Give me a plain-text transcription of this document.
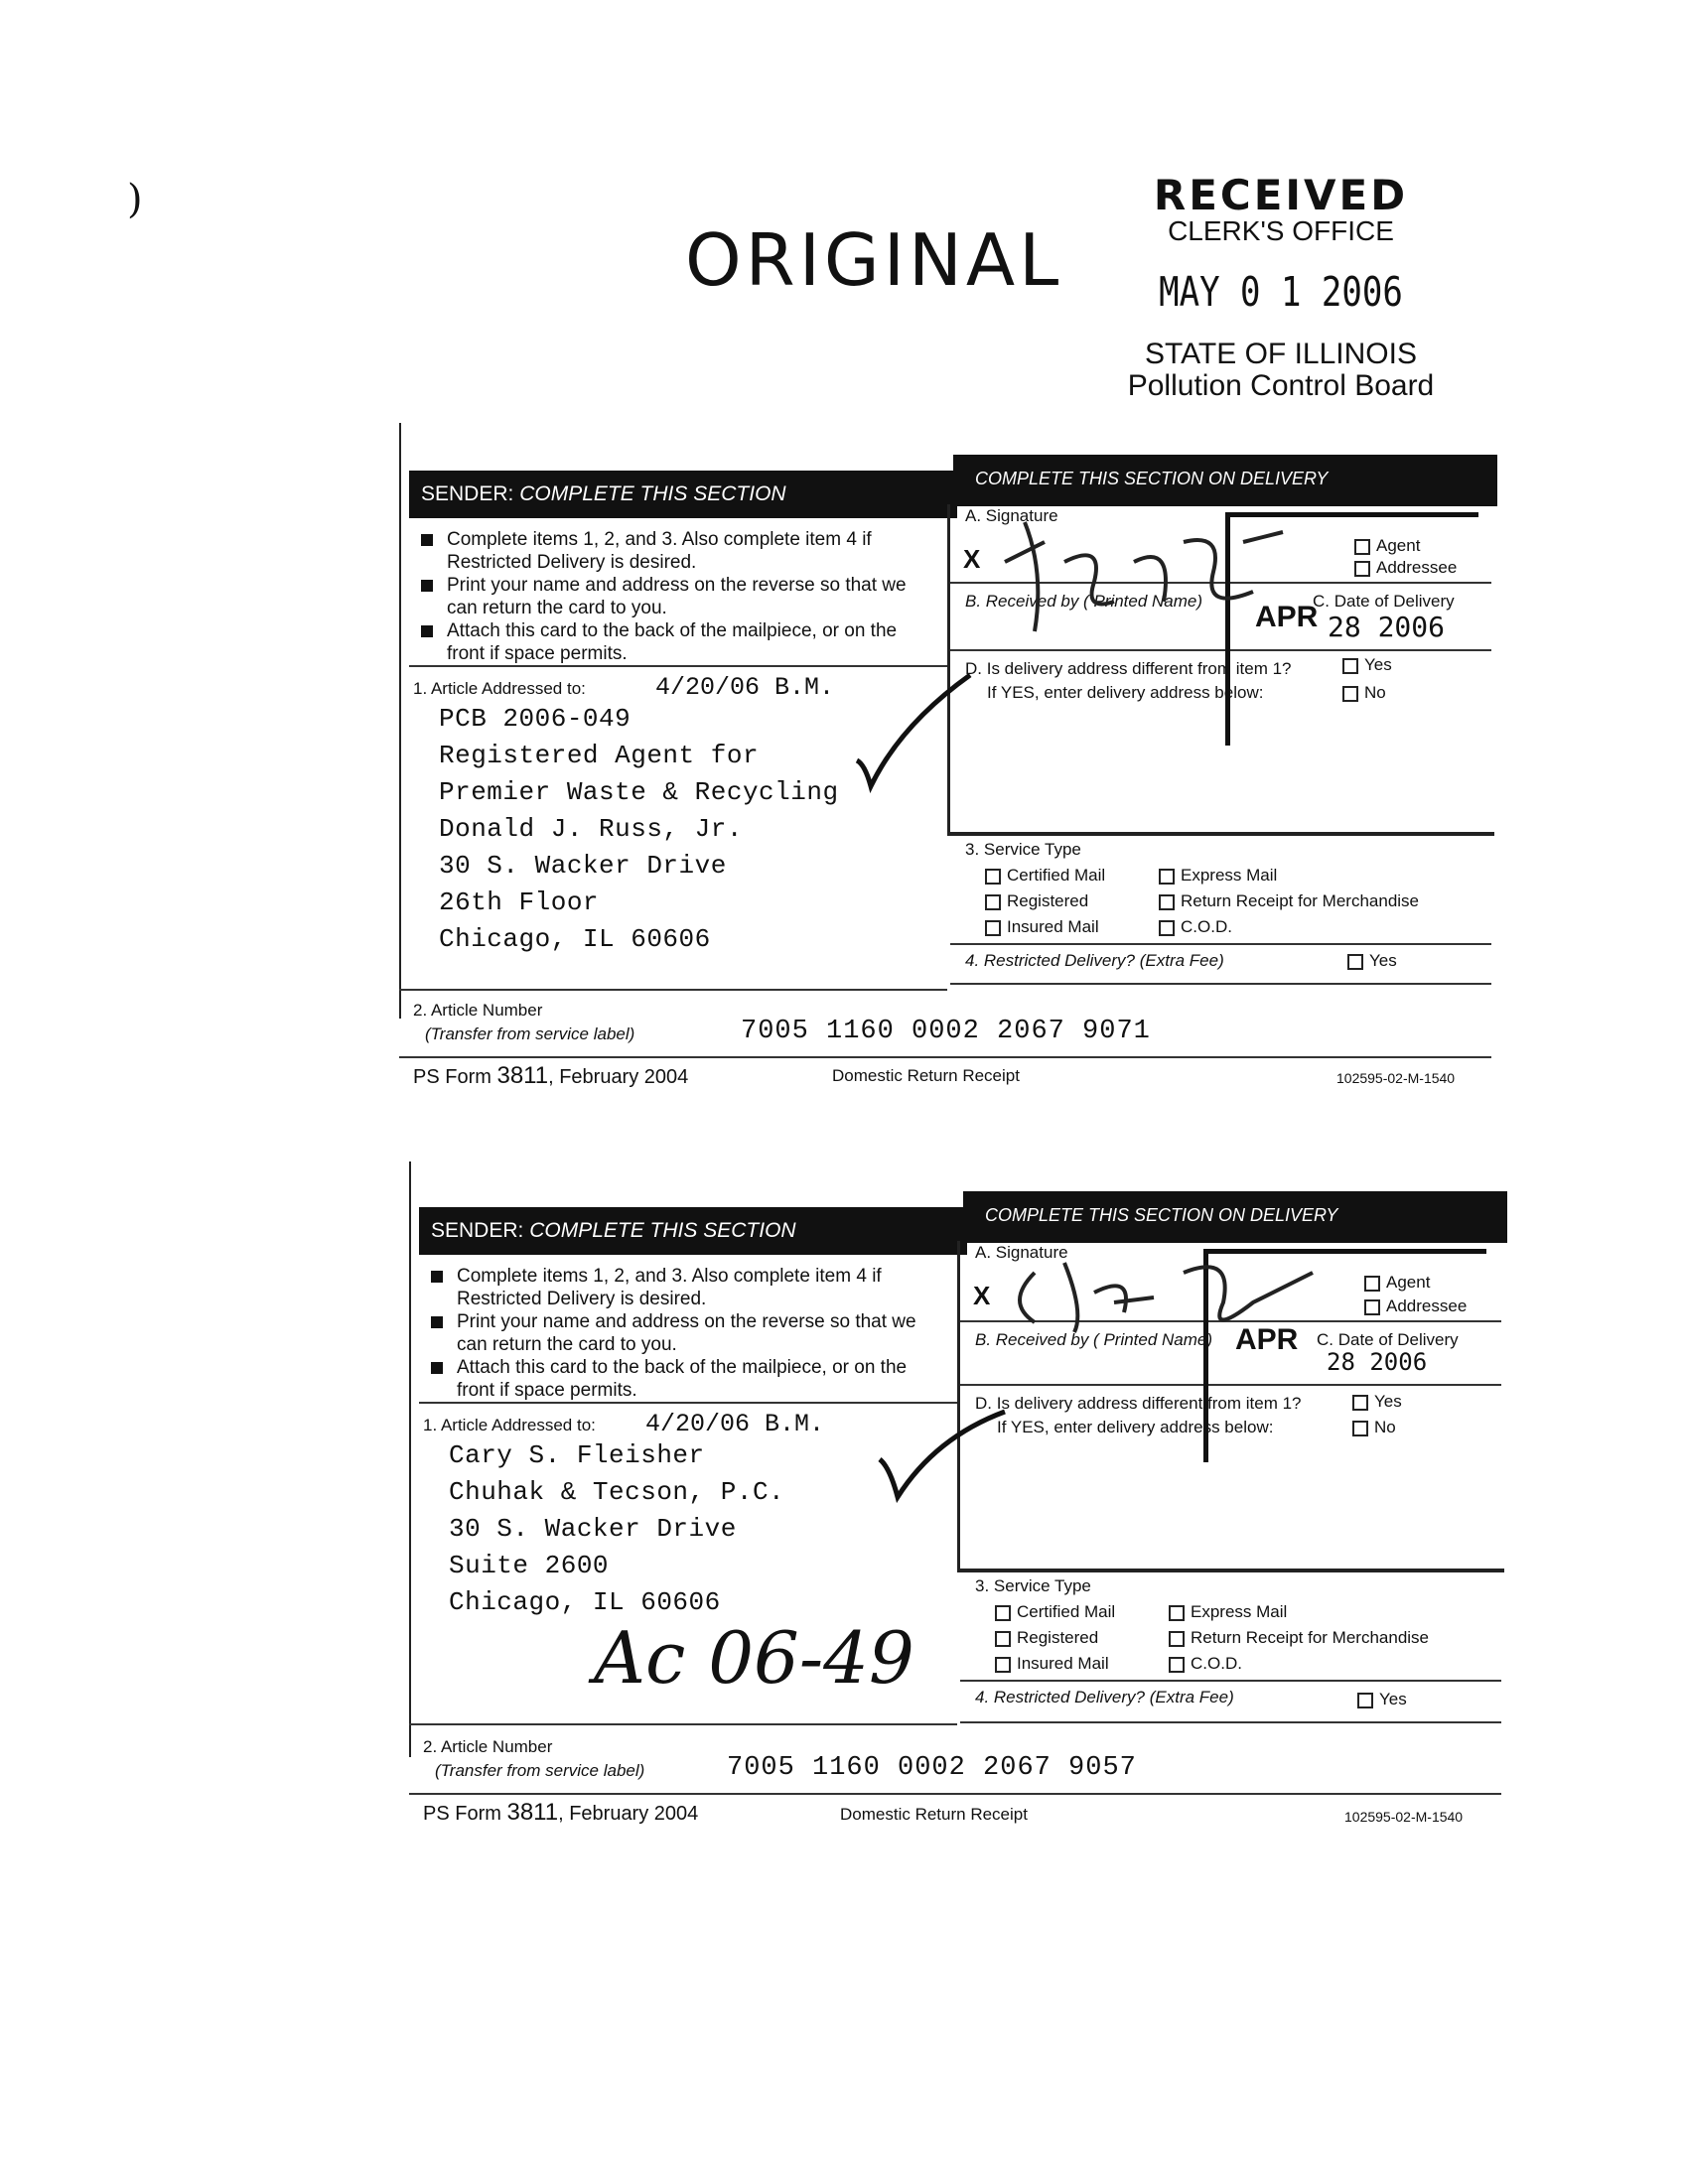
)
ORIGINAL
RECEIVED
CLERK'S OFFICE
MAY 0 1 2006
STATE OF ILLINOIS
Pollution Control Board
SENDER: COMPLETE THIS SECTION
COMPLETE THIS SECTION ON DELIVERY
Complete items 1, 2, and 3. Also complete item 4 if Restricted Delivery is desired.
Print your name and address on the reverse so that we can return the card to you.
Attach this card to the back of the mailpiece, or on the front if space permits.
1. Article Addressed to:	4/20/06 B.M.
PCB 2006-049
Registered Agent for
Premier Waste & Recycling
Donald J. Russ, Jr.
30 S. Wacker Drive
26th Floor
Chicago, IL 60606
A. Signature
X	Agent
Addressee
B. Received by ( Printed Name)	C. Date of Delivery
APR 28 2006
D. Is delivery address different from item 1?
If YES, enter delivery address below:
Yes
No
3. Service Type
Certified Mail	Express Mail
Registered	Return Receipt for Merchandise
Insured Mail	C.O.D.
4. Restricted Delivery? (Extra Fee)	Yes
2. Article Number
(Transfer from service label)	7005 1160 0002 2067 9071
PS Form 3811, February 2004	Domestic Return Receipt	102595-02-M-1540
SENDER: COMPLETE THIS SECTION
COMPLETE THIS SECTION ON DELIVERY
Complete items 1, 2, and 3. Also complete item 4 if Restricted Delivery is desired.
Print your name and address on the reverse so that we can return the card to you.
Attach this card to the back of the mailpiece, or on the front if space permits.
1. Article Addressed to: 4/20/06 B.M.
Cary S. Fleisher
Chuhak & Tecson, P.C.
30 S. Wacker Drive
Suite 2600
Chicago, IL 60606
Ac 06-49
A. Signature
X	Agent
Addressee
B. Received by ( Printed Name)	C. Date of Delivery
APR
28 2006
D. Is delivery address different from item 1?
If YES, enter delivery address below:
Yes
No
3. Service Type
Certified Mail	Express Mail
Registered	Return Receipt for Merchandise
Insured Mail	C.O.D.
4. Restricted Delivery? (Extra Fee)	Yes
2. Article Number
(Transfer from service label)	7005 1160 0002 2067 9057
PS Form 3811, February 2004	Domestic Return Receipt	102595-02-M-1540
